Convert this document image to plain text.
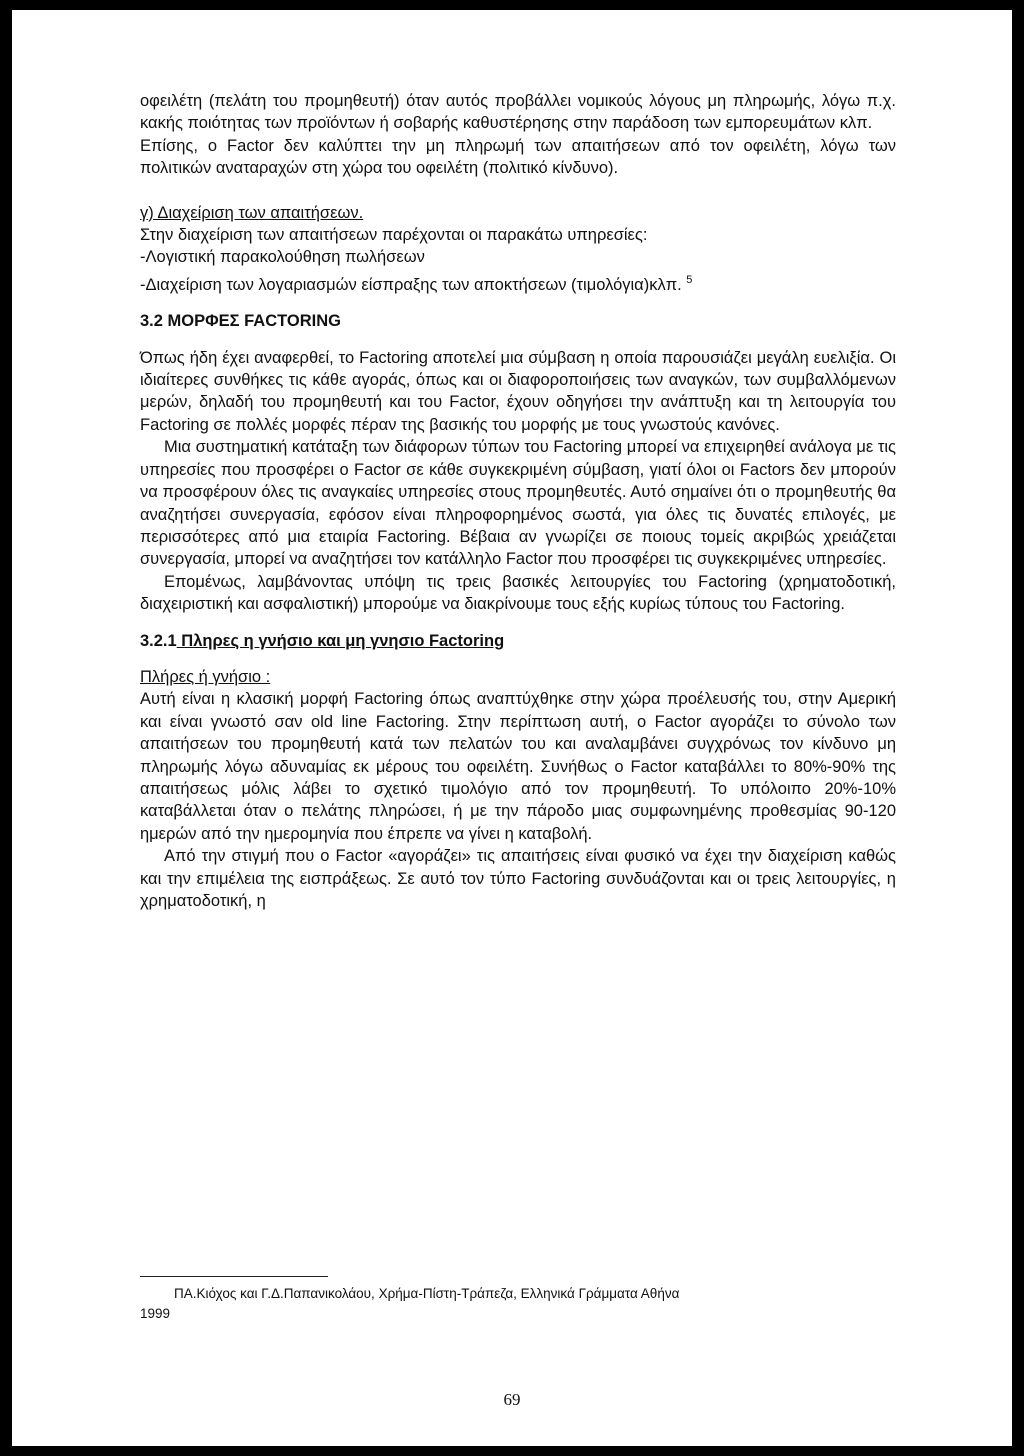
οφειλέτη (πελάτη του προμηθευτή) όταν αυτός προβάλλει νομικούς λόγους μη πληρωμής, λόγω π.χ. κακής ποιότητας των προϊόντων ή σοβαρής καθυστέρησης στην παράδοση των εμπορευμάτων κλπ.

Επίσης, ο Factor δεν καλύπτει την μη πληρωμή των απαιτήσεων από τον οφειλέτη, λόγω των πολιτικών αναταραχών στη χώρα του οφειλέτη (πολιτικό κίνδυνο).

γ) Διαχείριση των απαιτήσεων.

Στην διαχείριση των απαιτήσεων παρέχονται οι παρακάτω υπηρεσίες:

-Λογιστική παρακολούθηση πωλήσεων

-Διαχείριση των λογαριασμών είσπραξης των αποκτήσεων (τιμολόγια)κλπ. $^5$

3.2 ΜΟΡΦΕΣ FACTORING

Όπως ήδη έχει αναφερθεί, το Factoring αποτελεί μια σύμβαση η οποία παρουσιάζει μεγάλη ευελιξία. Οι ιδιαίτερες συνθήκες τις κάθε αγοράς, όπως και οι διαφοροποιήσεις των αναγκών, των συμβαλλόμενων μερών, δηλαδή του προμηθευτή και του Factor, έχουν οδηγήσει την ανάπτυξη και τη λειτουργία του Factoring σε πολλές μορφές πέραν της βασικής του μορφής με τους γνωστούς κανόνες.

Μια συστηματική κατάταξη των διάφορων τύπων του Factoring μπορεί να επιχειρηθεί ανάλογα με τις υπηρεσίες που προσφέρει ο Factor σε κάθε συγκεκριμένη σύμβαση, γιατί όλοι οι Factors δεν μπορούν να προσφέρουν όλες τις αναγκαίες υπηρεσίες στους προμηθευτές. Αυτό σημαίνει ότι ο προμηθευτής θα αναζητήσει συνεργασία, εφόσον είναι πληροφορημένος σωστά, για όλες τις δυνατές επιλογές, με περισσότερες από μια εταιρία Factoring. Βέβαια αν γνωρίζει σε ποιους τομείς ακριβώς χρειάζεται συνεργασία, μπορεί να αναζητήσει τον κατάλληλο Factor που προσφέρει τις συγκεκριμένες υπηρεσίες.

Επομένως, λαμβάνοντας υπόψη τις τρεις βασικές λειτουργίες του Factoring (χρηματοδοτική, διαχειριστική και ασφαλιστική) μπορούμε να διακρίνουμε τους εξής κυρίως τύπους του Factoring.

3.2.1 Πληρες η γνήσιο και μη γνησιο Factoring

Πλήρες ή γνήσιο :

Αυτή είναι η κλασική μορφή Factoring όπως αναπτύχθηκε στην χώρα προέλευσής του, στην Αμερική και είναι γνωστό σαν old line Factoring. Στην περίπτωση αυτή, ο Factor αγοράζει το σύνολο των απαιτήσεων του προμηθευτή κατά των πελατών του και αναλαμβάνει συγχρόνως τον κίνδυνο μη πληρωμής λόγω αδυναμίας εκ μέρους του οφειλέτη. Συνήθως ο Factor καταβάλλει το 80%-90% της απαιτήσεως μόλις λάβει το σχετικό τιμολόγιο από τον προμηθευτή. Το υπόλοιπο 20%-10% καταβάλλεται όταν ο πελάτης πληρώσει, ή με την πάροδο μιας συμφωνημένης προθεσμίας 90-120 ημερών από την ημερομηνία που έπρεπε να γίνει η καταβολή.

Από την στιγμή που ο Factor «αγοράζει» τις απαιτήσεις είναι φυσικό να έχει την διαχείριση καθώς και την επιμέλεια της εισπράξεως. Σε αυτό τον τύπο Factoring συνδυάζονται και οι τρεις λειτουργίες, η χρηματοδοτική, η

ΠΑ.Κιόχος και Γ.Δ.Παπανικολάου, Χρήμα-Πίστη-Τράπεζα, Ελληνικά Γράμματα Αθήνα
1999
69
